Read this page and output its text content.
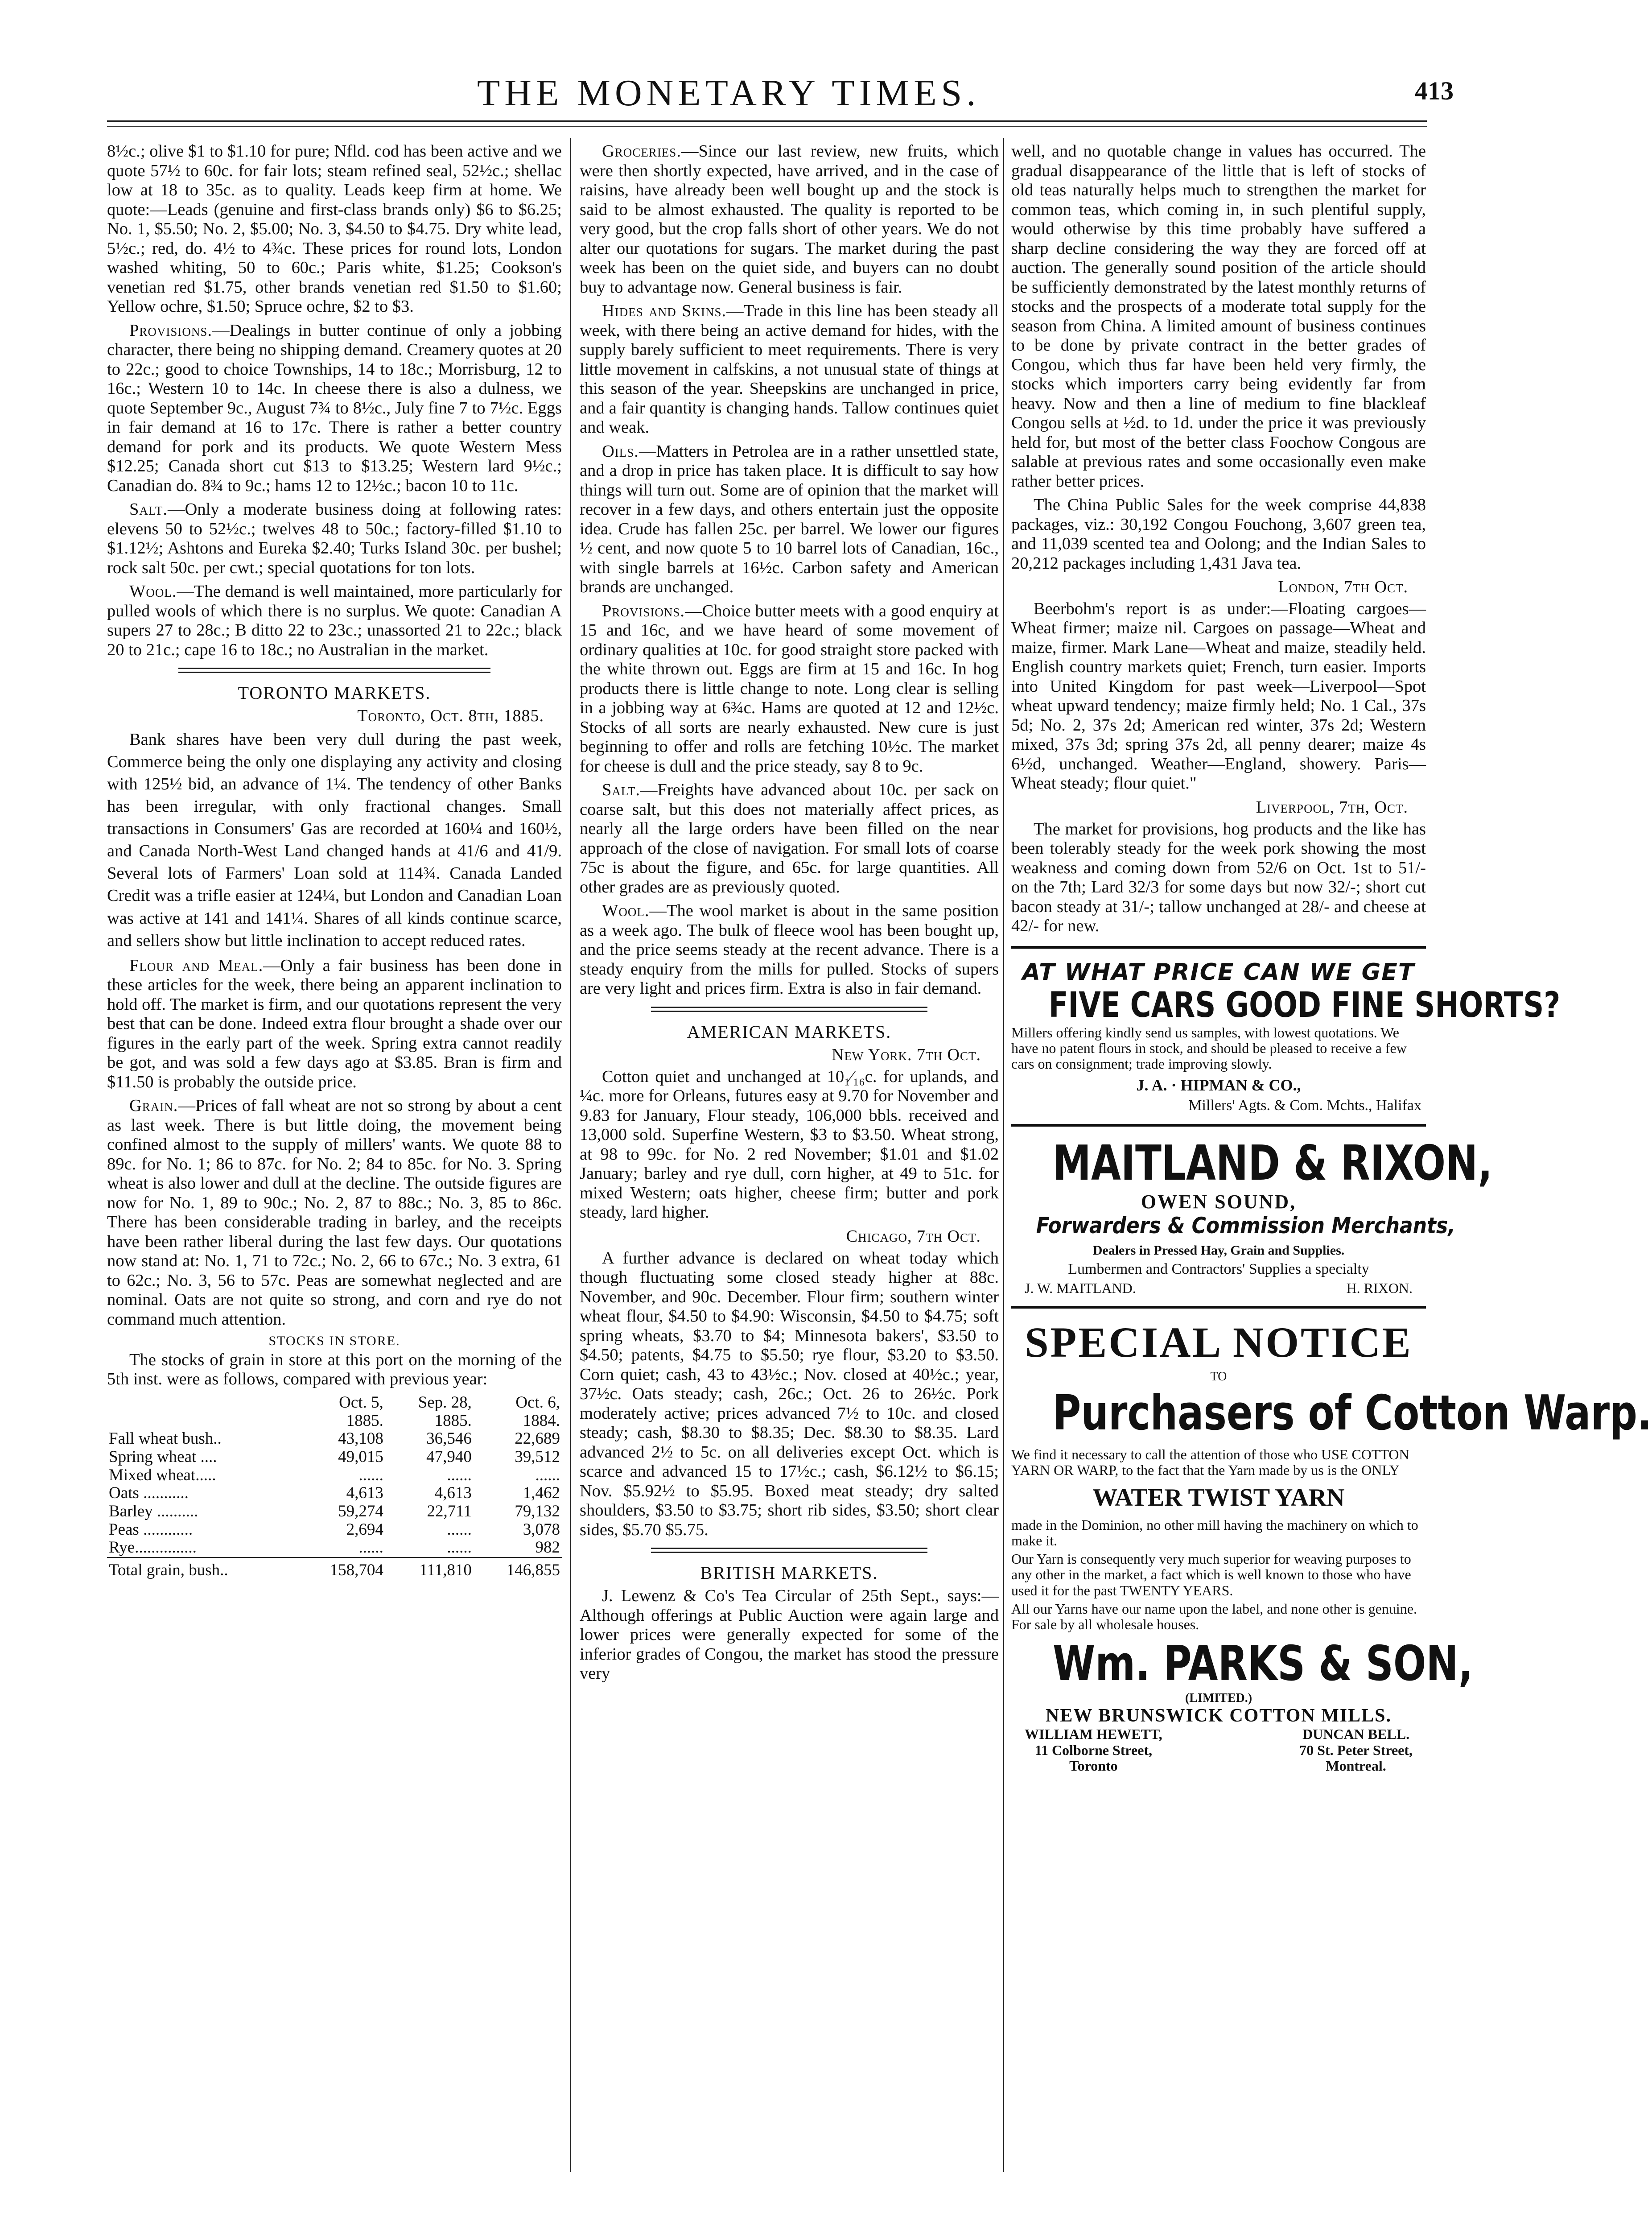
THE MONETARY TIMES.	413

8½c.; olive $1 to $1.10 for pure; Nfld. cod has been active and we quote 57½ to 60c. for fair lots; steam refined seal, 52½c.; shellac low at 18 to 35c. as to quality. Leads keep firm at home. We quote:—Leads (genuine and first-class brands only) $6 to $6.25; No. 1, $5.50; No. 2, $5.00; No. 3, $4.50 to $4.75. Dry white lead, 5½c.; red, do. 4½ to 4¾c. These prices for round lots, London washed whiting, 50 to 60c.; Paris white, $1.25; Cookson's venetian red $1.75, other brands venetian red $1.50 to $1.60; Yellow ochre, $1.50; Spruce ochre, $2 to $3.

Provisions.—Dealings in butter continue of only a jobbing character, there being no shipping demand. Creamery quotes at 20 to 22c.; good to choice Townships, 14 to 18c.; Morrisburg, 12 to 16c.; Western 10 to 14c. In cheese there is also a dulness, we quote September 9c., August 7¾ to 8½c., July fine 7 to 7½c. Eggs in fair demand at 16 to 17c. There is rather a better country demand for pork and its products. We quote Western Mess $12.25; Canada short cut $13 to $13.25; Western lard 9½c.; Canadian do. 8¾ to 9c.; hams 12 to 12½c.; bacon 10 to 11c.

Salt.—Only a moderate business doing at following rates: elevens 50 to 52½c.; twelves 48 to 50c.; factory-filled $1.10 to $1.12½; Ashtons and Eureka $2.40; Turks Island 30c. per bushel; rock salt 50c. per cwt.; special quotations for ton lots.

Wool.—The demand is well maintained, more particularly for pulled wools of which there is no surplus. We quote: Canadian A supers 27 to 28c.; B ditto 22 to 23c.; unassorted 21 to 22c.; black 20 to 21c.; cape 16 to 18c.; no Australian in the market.

TORONTO MARKETS.
Toronto, Oct. 8th, 1885.

Bank shares have been very dull during the past week, Commerce being the only one displaying any activity and closing with 125½ bid, an advance of 1¼. The tendency of other Banks has been irregular, with only fractional changes. Small transactions in Consumers' Gas are recorded at 160¼ and 160½, and Canada North-West Land changed hands at 41/6 and 41/9. Several lots of Farmers' Loan sold at 114¾. Canada Landed Credit was a trifle easier at 124¼, but London and Canadian Loan was active at 141 and 141¼. Shares of all kinds continue scarce, and sellers show but little inclination to accept reduced rates.

Flour and Meal.—Only a fair business has been done in these articles for the week, there being an apparent inclination to hold off. The market is firm, and our quotations represent the very best that can be done. Indeed extra flour brought a shade over our figures in the early part of the week. Spring extra cannot readily be got, and was sold a few days ago at $3.85. Bran is firm and $11.50 is probably the outside price.

Grain.—Prices of fall wheat are not so strong by about a cent as last week. There is but little doing, the movement being confined almost to the supply of millers' wants. We quote 88 to 89c. for No. 1; 86 to 87c. for No. 2; 84 to 85c. for No. 3. Spring wheat is also lower and dull at the decline. The outside figures are now for No. 1, 89 to 90c.; No. 2, 87 to 88c.; No. 3, 85 to 86c. There has been considerable trading in barley, and the receipts have been rather liberal during the last few days. Our quotations now stand at: No. 1, 71 to 72c.; No. 2, 66 to 67c.; No. 3 extra, 61 to 62c.; No. 3, 56 to 57c. Peas are somewhat neglected and are nominal. Oats are not quite so strong, and corn and rye do not command much attention.

STOCKS IN STORE.

The stocks of grain in store at this port on the morning of the 5th inst. were as follows, compared with previous year:

	Oct. 5,	Sep. 28,	Oct. 6,
	1885.	1885.	1884.
Fall wheat bush..	43,108	36,546	22,689
Spring wheat ....	49,015	47,940	39,512
Mixed wheat.....	......	......	......
Oats ...........	4,613	4,613	1,462
Barley ..........	59,274	22,711	79,132
Peas ............	2,694	......	3,078
Rye...............	......	......	982
Total grain, bush..	158,704	111,810	146,855

Groceries.—Since our last review, new fruits, which were then shortly expected, have arrived, and in the case of raisins, have already been well bought up and the stock is said to be almost exhausted. The quality is reported to be very good, but the crop falls short of other years. We do not alter our quotations for sugars. The market during the past week has been on the quiet side, and buyers can no doubt buy to advantage now. General business is fair.

Hides and Skins.—Trade in this line has been steady all week, with there being an active demand for hides, with the supply barely sufficient to meet requirements. There is very little movement in calfskins, a not unusual state of things at this season of the year. Sheepskins are unchanged in price, and a fair quantity is changing hands. Tallow continues quiet and weak.

Oils.—Matters in Petrolea are in a rather unsettled state, and a drop in price has taken place. It is difficult to say how things will turn out. Some are of opinion that the market will recover in a few days, and others entertain just the opposite idea. Crude has fallen 25c. per barrel. We lower our figures ½ cent, and now quote 5 to 10 barrel lots of Canadian, 16c., with single barrels at 16½c. Carbon safety and American brands are unchanged.

Provisions.—Choice butter meets with a good enquiry at 15 and 16c, and we have heard of some movement of ordinary qualities at 10c. for good straight store packed with the white thrown out. Eggs are firm at 15 and 16c. In hog products there is little change to note. Long clear is selling in a jobbing way at 6¾c. Hams are quoted at 12 and 12½c. Stocks of all sorts are nearly exhausted. New cure is just beginning to offer and rolls are fetching 10½c. The market for cheese is dull and the price steady, say 8 to 9c.

Salt.—Freights have advanced about 10c. per sack on coarse salt, but this does not materially affect prices, as nearly all the large orders have been filled on the near approach of the close of navigation. For small lots of coarse 75c is about the figure, and 65c. for large quantities. All other grades are as previously quoted.

Wool.—The wool market is about in the same position as a week ago. The bulk of fleece wool has been bought up, and the price seems steady at the recent advance. There is a steady enquiry from the mills for pulled. Stocks of supers are very light and prices firm. Extra is also in fair demand.

AMERICAN MARKETS.
New York. 7th Oct.

Cotton quiet and unchanged at 10₁⁄₁₆c. for uplands, and ¼c. more for Orleans, futures easy at 9.70 for November and 9.83 for January, Flour steady, 106,000 bbls. received and 13,000 sold. Superfine Western, $3 to $3.50. Wheat strong, at 98 to 99c. for No. 2 red November; $1.01 and $1.02 January; barley and rye dull, corn higher, at 49 to 51c. for mixed Western; oats higher, cheese firm; butter and pork steady, lard higher.

Chicago, 7th Oct.

A further advance is declared on wheat today which though fluctuating some closed steady higher at 88c. November, and 90c. December. Flour firm; southern winter wheat flour, $4.50 to $4.90: Wisconsin, $4.50 to $4.75; soft spring wheats, $3.70 to $4; Minnesota bakers', $3.50 to $4.50; patents, $4.75 to $5.50; rye flour, $3.20 to $3.50. Corn quiet; cash, 43 to 43½c.; Nov. closed at 40½c.; year, 37½c. Oats steady; cash, 26c.; Oct. 26 to 26½c. Pork moderately active; prices advanced 7½ to 10c. and closed steady; cash, $8.30 to $8.35; Dec. $8.30 to $8.35. Lard advanced 2½ to 5c. on all deliveries except Oct. which is scarce and advanced 15 to 17½c.; cash, $6.12½ to $6.15; Nov. $5.92½ to $5.95. Boxed meat steady; dry salted shoulders, $3.50 to $3.75; short rib sides, $3.50; short clear sides, $5.70 $5.75.

BRITISH MARKETS.

J. Lewenz & Co's Tea Circular of 25th Sept., says:—Although offerings at Public Auction were again large and lower prices were generally expected for some of the inferior grades of Congou, the market has stood the pressure very

well, and no quotable change in values has occurred. The gradual disappearance of the little that is left of stocks of old teas naturally helps much to strengthen the market for common teas, which coming in, in such plentiful supply, would otherwise by this time probably have suffered a sharp decline considering the way they are forced off at auction. The generally sound position of the article should be sufficiently demonstrated by the latest monthly returns of stocks and the prospects of a moderate total supply for the season from China. A limited amount of business continues to be done by private contract in the better grades of Congou, which thus far have been held very firmly, the stocks which importers carry being evidently far from heavy. Now and then a line of medium to fine blackleaf Congou sells at ½d. to 1d. under the price it was previously held for, but most of the better class Foochow Congous are salable at previous rates and some occasionally even make rather better prices.

The China Public Sales for the week comprise 44,838 packages, viz.: 30,192 Congou Fouchong, 3,607 green tea, and 11,039 scented tea and Oolong; and the Indian Sales to 20,212 packages including 1,431 Java tea.

London, 7th Oct.

Beerbohm's report is as under:—Floating cargoes—Wheat firmer; maize nil. Cargoes on passage—Wheat and maize, firmer. Mark Lane—Wheat and maize, steadily held. English country markets quiet; French, turn easier. Imports into United Kingdom for past week—Liverpool—Spot wheat upward tendency; maize firmly held; No. 1 Cal., 37s 5d; No. 2, 37s 2d; American red winter, 37s 2d; Western mixed, 37s 3d; spring 37s 2d, all penny dearer; maize 4s 6½d, unchanged. Weather—England, showery. Paris—Wheat steady; flour quiet."

Liverpool, 7th, Oct.

The market for provisions, hog products and the like has been tolerably steady for the week pork showing the most weakness and coming down from 52/6 on Oct. 1st to 51/- on the 7th; Lard 32/3 for some days but now 32/-; short cut bacon steady at 31/-; tallow unchanged at 28/- and cheese at 42/- for new.

AT WHAT PRICE CAN WE GET
FIVE CARS GOOD FINE SHORTS?
Millers offering kindly send us samples, with lowest quotations. We have no patent flours in stock, and should be pleased to receive a few cars on consignment; trade improving slowly.
J. A. · HIPMAN & CO.,
Millers' Agts. & Com. Mchts., Halifax
MAITLAND & RIXON,
OWEN SOUND,
Forwarders & Commission Merchants,
Dealers in Pressed Hay, Grain and Supplies.
Lumbermen and Contractors' Supplies a specialty
J. W. MAITLAND.	H. RIXON.
SPECIAL NOTICE
TO
Purchasers of Cotton Warp.
We find it necessary to call the attention of those who USE COTTON YARN OR WARP, to the fact that the Yarn made by us is the ONLY
WATER TWIST YARN
made in the Dominion, no other mill having the machinery on which to make it.
Our Yarn is consequently very much superior for weaving purposes to any other in the market, a fact which is well known to those who have used it for the past TWENTY YEARS.
All our Yarns have our name upon the label, and none other is genuine.
For sale by all wholesale houses.
Wm. PARKS & SON,
(LIMITED.)
NEW BRUNSWICK COTTON MILLS.
WILLIAM HEWETT,
11 Colborne Street,
Toronto
DUNCAN BELL.
70 St. Peter Street,
Montreal.
